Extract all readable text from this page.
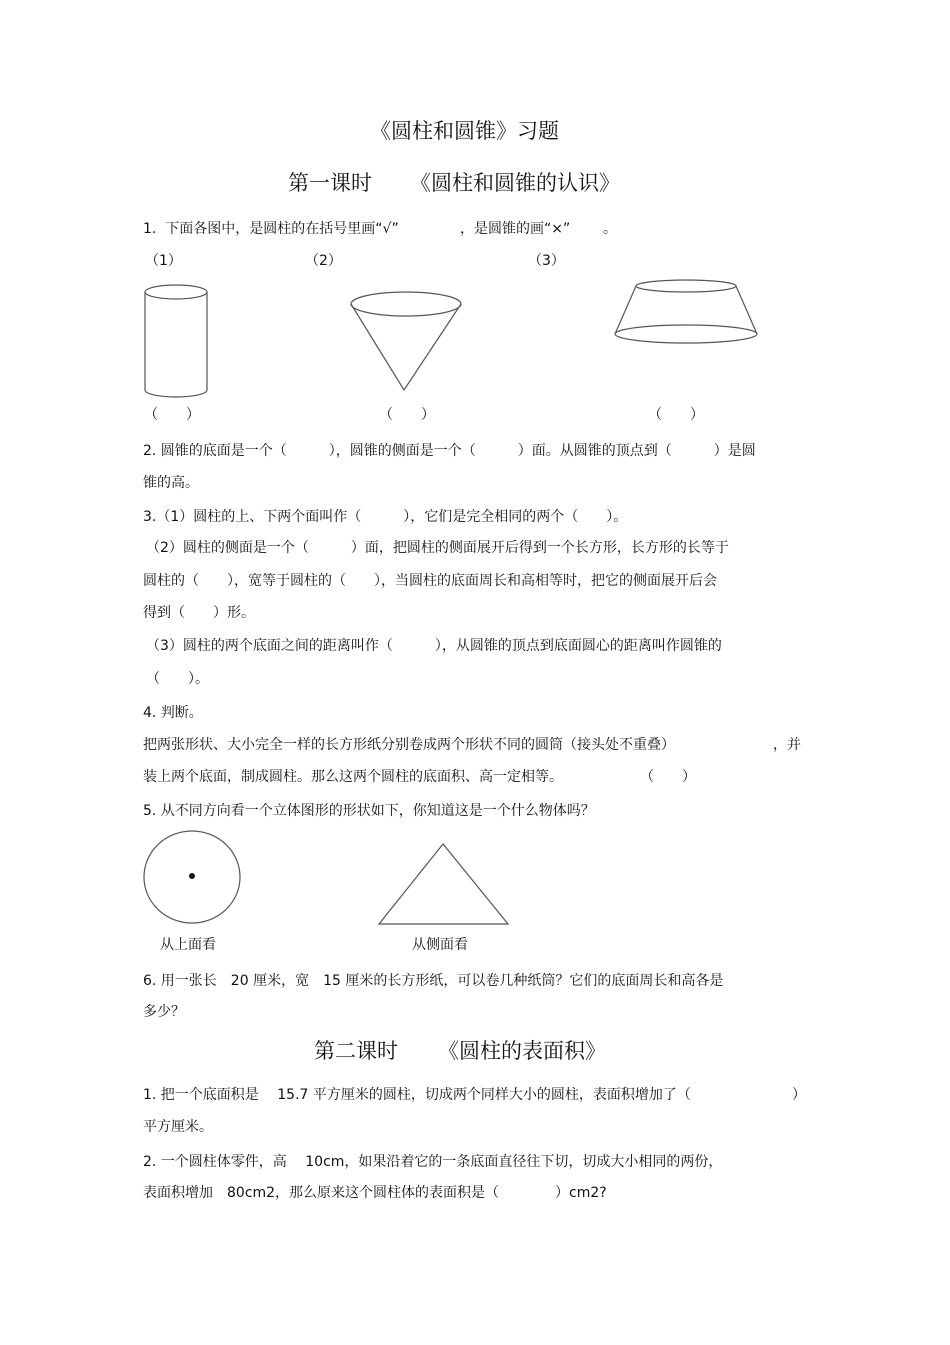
《圆柱和圆锥》习题
第一课时 《圆柱和圆锥的认识》
1. 下面各图中，是圆柱的在括号里画“√”	，是圆锥的画“×” 。
（1）	（2）	（3）
（　　）	（　　）	（　　）
2. 圆锥的底面是一个（　　　），圆锥的侧面是一个（　　　）面。从圆锥的顶点到（　　　）是圆
锥的高。
3.（1）圆柱的上、下两个面叫作（　　　），它们是完全相同的两个（　　）。
（2）圆柱的侧面是一个（　　　）面，把圆柱的侧面展开后得到一个长方形，长方形的长等于
圆柱的（　　），宽等于圆柱的（　　），当圆柱的底面周长和高相等时，把它的侧面展开后会
得到（　　）形。
（3）圆柱的两个底面之间的距离叫作（　　　），从圆锥的顶点到底面圆心的距离叫作圆锥的
（　　）。
4. 判断。
把两张形状、大小完全一样的长方形纸分别卷成两个形状不同的圆筒（接头处不重叠）	，并
装上两个底面，制成圆柱。那么这两个圆柱的底面积、高一定相等。	（　　）
5. 从不同方向看一个立体图形的形状如下，你知道这是一个什么物体吗？
从上面看	从侧面看
6. 用一张长　20 厘米，宽　15 厘米的长方形纸，可以卷几种纸筒？它们的底面周长和高各是
多少？
第二课时 《圆柱的表面积》
1. 把一个底面积是　 15.7 平方厘米的圆柱，切成两个同样大小的圆柱，表面积增加了（	）
平方厘米。
2. 一个圆柱体零件，高　 10cm，如果沿着它的一条底面直径往下切，切成大小相同的两份，
表面积增加　80cm2，那么原来这个圆柱体的表面积是（　　　　）cm2?
